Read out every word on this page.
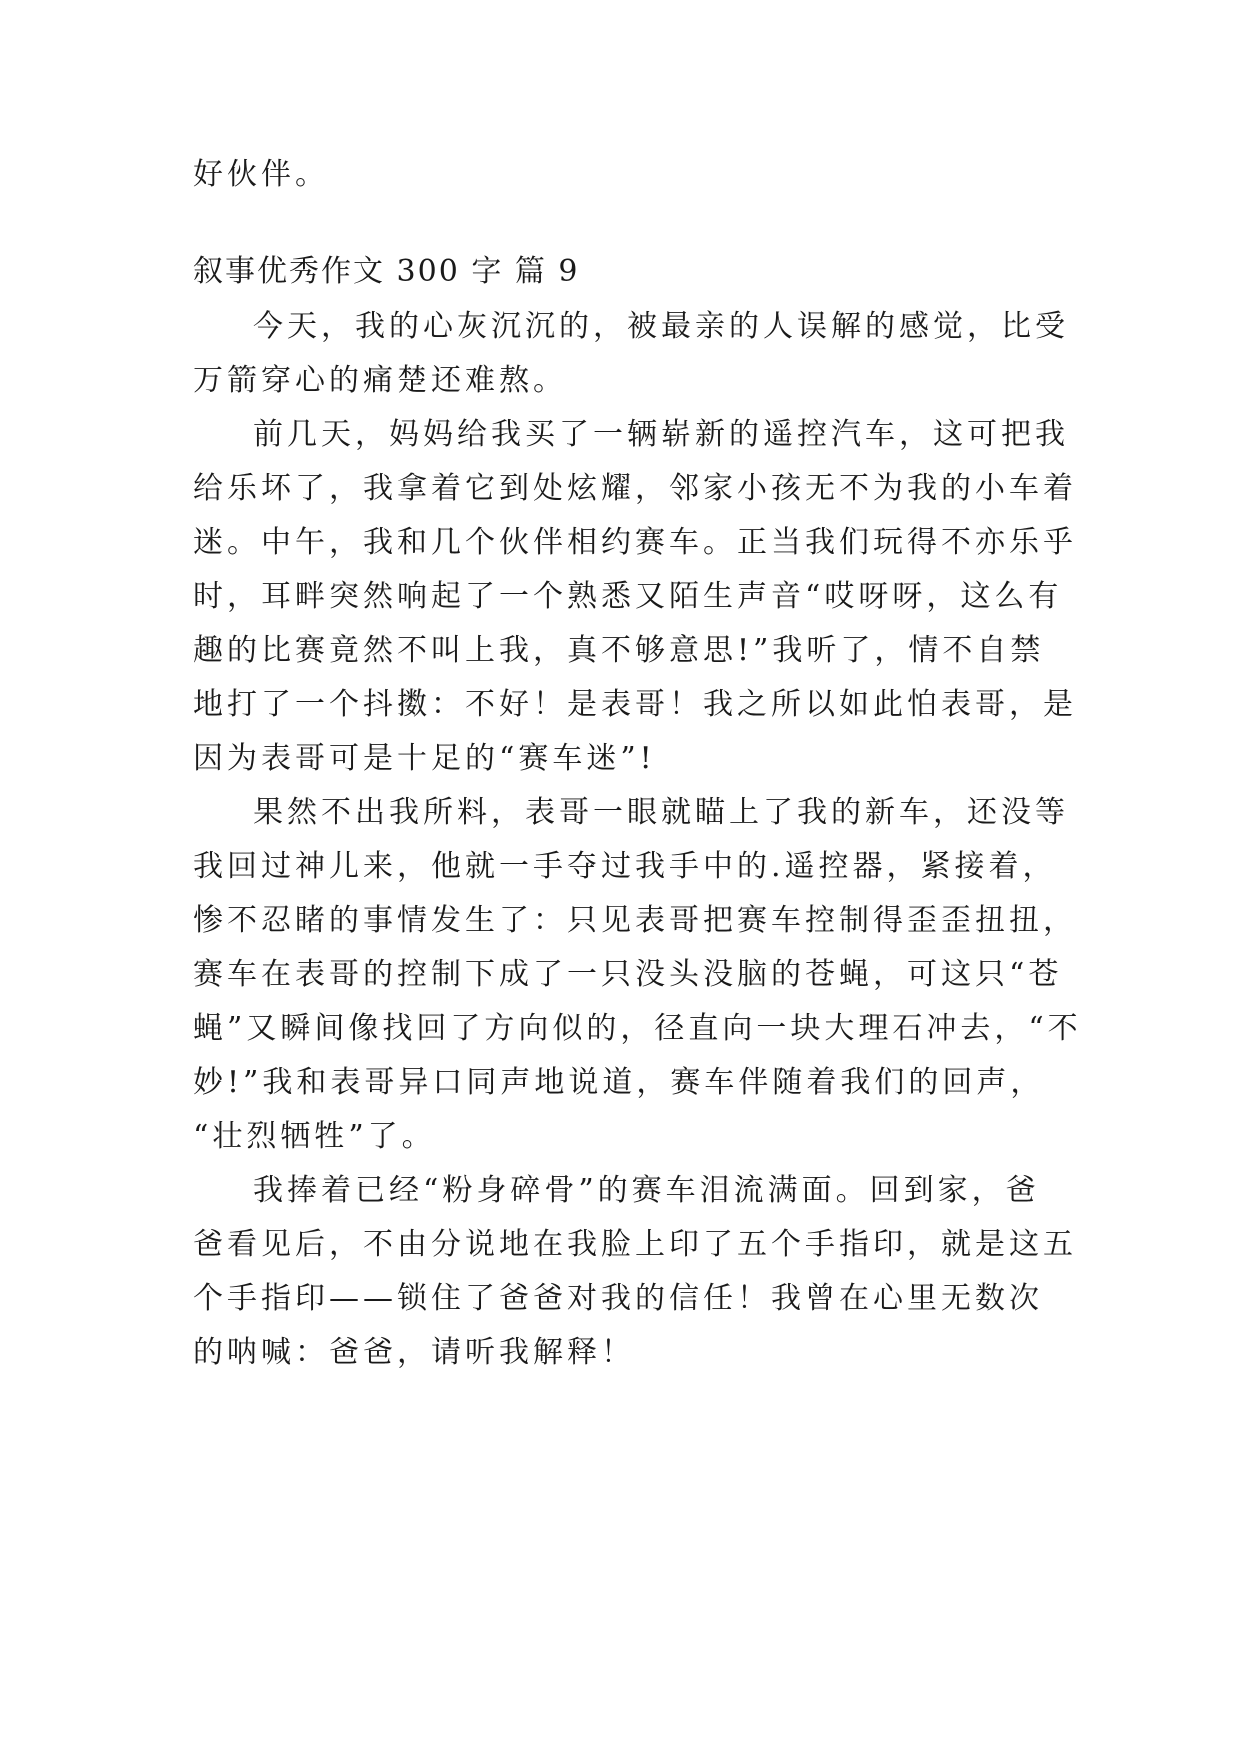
好伙伴。
叙事优秀作文 300 字 篇 9
今天，我的心灰沉沉的，被最亲的人误解的感觉，比受
万箭穿心的痛楚还难熬。
前几天，妈妈给我买了一辆崭新的遥控汽车，这可把我
给乐坏了，我拿着它到处炫耀，邻家小孩无不为我的小车着
迷。中午，我和几个伙伴相约赛车。正当我们玩得不亦乐乎
时，耳畔突然响起了一个熟悉又陌生声音“哎呀呀，这么有
趣的比赛竟然不叫上我，真不够意思!”我听了，情不自禁
地打了一个抖擞：不好！是表哥！我之所以如此怕表哥，是
因为表哥可是十足的“赛车迷”!
果然不出我所料，表哥一眼就瞄上了我的新车，还没等
我回过神儿来，他就一手夺过我手中的.遥控器，紧接着，
惨不忍睹的事情发生了：只见表哥把赛车控制得歪歪扭扭，
赛车在表哥的控制下成了一只没头没脑的苍蝇，可这只“苍
蝇”又瞬间像找回了方向似的，径直向一块大理石冲去，“不
妙!”我和表哥异口同声地说道，赛车伴随着我们的回声，
“壮烈牺牲”了。
我捧着已经“粉身碎骨”的赛车泪流满面。回到家，爸
爸看见后，不由分说地在我脸上印了五个手指印，就是这五
个手指印——锁住了爸爸对我的信任！我曾在心里无数次
的呐喊：爸爸，请听我解释！
